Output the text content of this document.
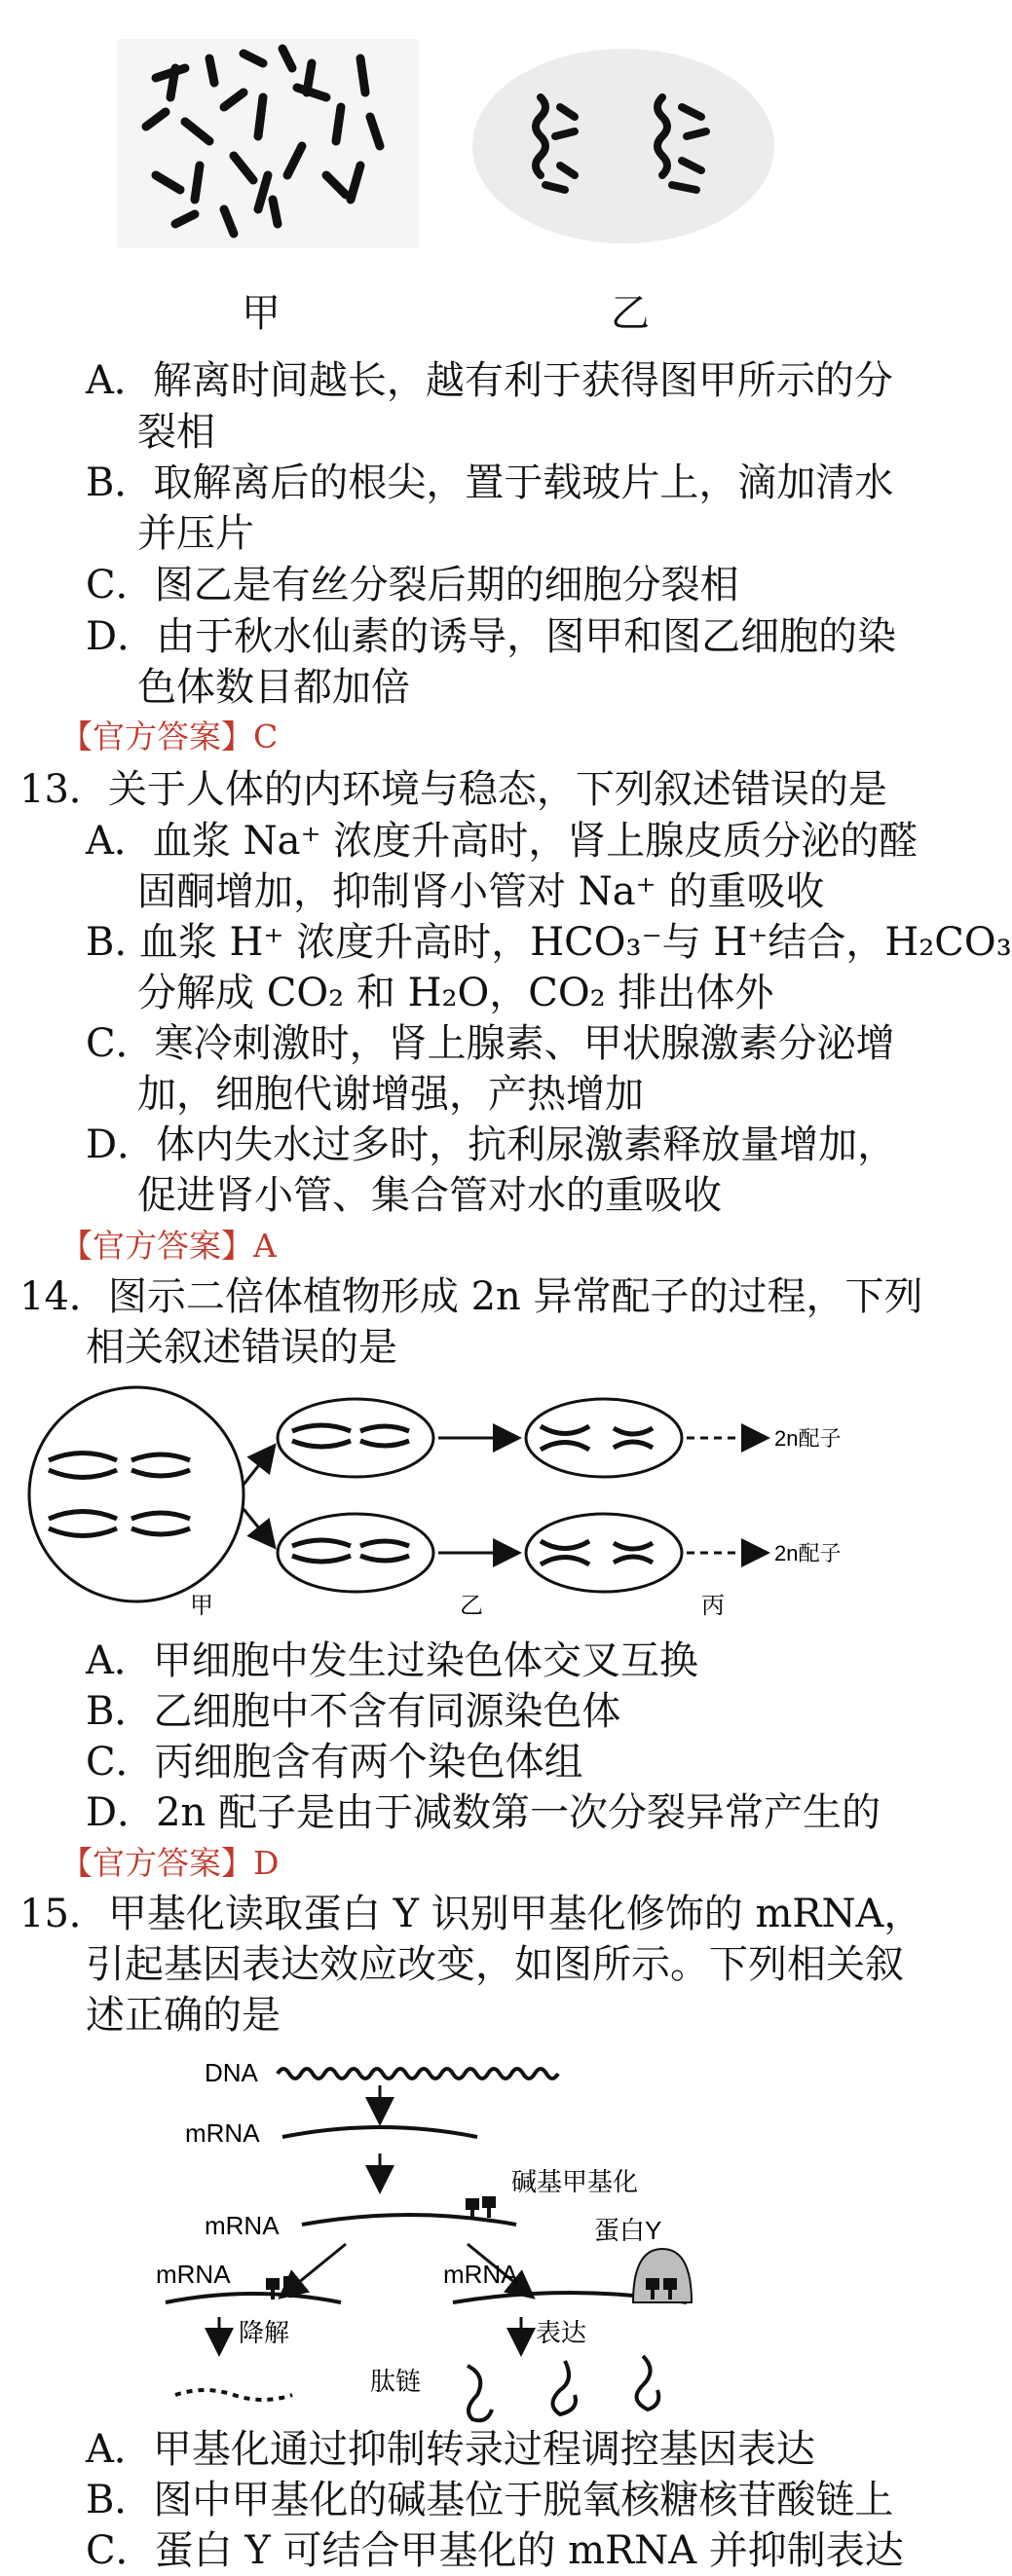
甲	乙
A．解离时间越长，越有利于获得图甲所示的分
裂相
B．取解离后的根尖，置于载玻片上，滴加清水
并压片
C．图乙是有丝分裂后期的细胞分裂相
D．由于秋水仙素的诱导，图甲和图乙细胞的染
色体数目都加倍
【官方答案】C
13．关于人体的内环境与稳态，下列叙述错误的是
A．血浆 Na⁺ 浓度升高时，肾上腺皮质分泌的醛
固酮增加，抑制肾小管对 Na⁺ 的重吸收
B. 血浆 H⁺ 浓度升高时，HCO₃⁻与 H⁺结合，H₂CO₃
分解成 CO₂ 和 H₂O，CO₂ 排出体外
C．寒冷刺激时，肾上腺素、甲状腺激素分泌增
加，细胞代谢增强，产热增加
D．体内失水过多时，抗利尿激素释放量增加，
促进肾小管、集合管对水的重吸收
【官方答案】A
14．图示二倍体植物形成 2n 异常配子的过程，下列
相关叙述错误的是
2n配子
2n配子
甲	乙	丙
A．甲细胞中发生过染色体交叉互换
B．乙细胞中不含有同源染色体
C．丙细胞含有两个染色体组
D．2n 配子是由于减数第一次分裂异常产生的
【官方答案】D
15．甲基化读取蛋白 Y 识别甲基化修饰的 mRNA，
引起基因表达效应改变，如图所示。下列相关叙
述正确的是
DNA
mRNA
碱基甲基化
mRNA
mRNA	mRNA
蛋白Y
降解	表达
肽链
A．甲基化通过抑制转录过程调控基因表达
B．图中甲基化的碱基位于脱氧核糖核苷酸链上
C．蛋白 Y 可结合甲基化的 mRNA 并抑制表达
